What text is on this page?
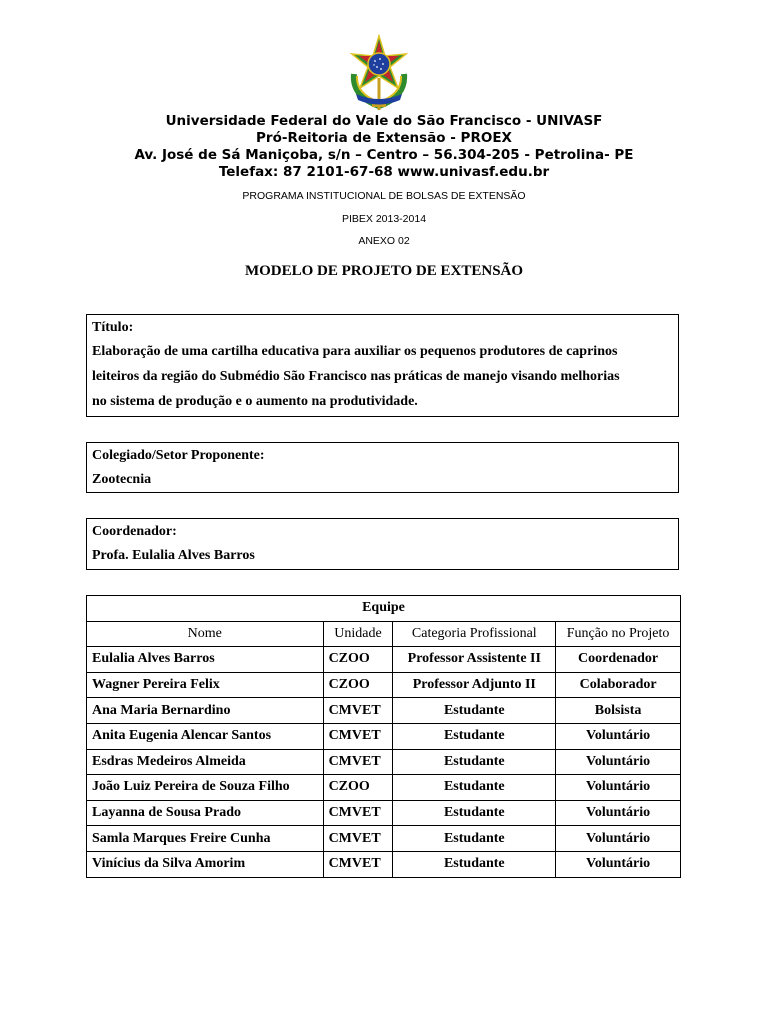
Universidade Federal do Vale do São Francisco - UNIVASF
Pró-Reitoria de Extensão - PROEX
Av. José de Sá Maniçoba, s/n – Centro – 56.304-205 - Petrolina- PE
Telefax: 87 2101-67-68 www.univasf.edu.br
PROGRAMA INSTITUCIONAL DE BOLSAS DE EXTENSÃO
PIBEX 2013-2014
ANEXO 02
MODELO DE PROJETO DE EXTENSÃO
Título:
Elaboração de uma cartilha educativa para auxiliar os pequenos produtores de caprinos
leiteiros da região do Submédio São Francisco nas práticas de manejo visando melhorias
no sistema de produção e o aumento na produtividade.
Colegiado/Setor Proponente:
Zootecnia
Coordenador:
Profa. Eulalia Alves Barros
Equipe			
Nome	Unidade	Categoria Profissional	Função no Projeto
Eulalia Alves Barros	CZOO	Professor Assistente II	Coordenador
Wagner Pereira Felix	CZOO	Professor Adjunto II	Colaborador
Ana Maria Bernardino	CMVET	Estudante	Bolsista
Anita Eugenia Alencar Santos	CMVET	Estudante	Voluntário
Esdras Medeiros Almeida	CMVET	Estudante	Voluntário
João Luiz Pereira de Souza Filho	CZOO	Estudante	Voluntário
Layanna de Sousa Prado	CMVET	Estudante	Voluntário
Samla Marques Freire Cunha	CMVET	Estudante	Voluntário
Vinícius da Silva Amorim	CMVET	Estudante	Voluntário
